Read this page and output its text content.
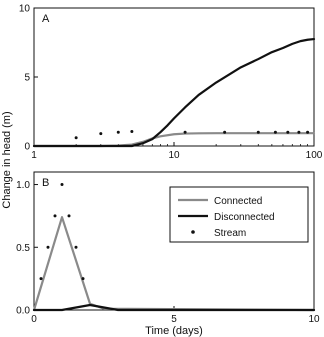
Change in head (m)
Time (days)
1	10	100
0
5
10
A
0	5	10
0.0
0.5
1.0 B
Connected
Disconnected
Stream
